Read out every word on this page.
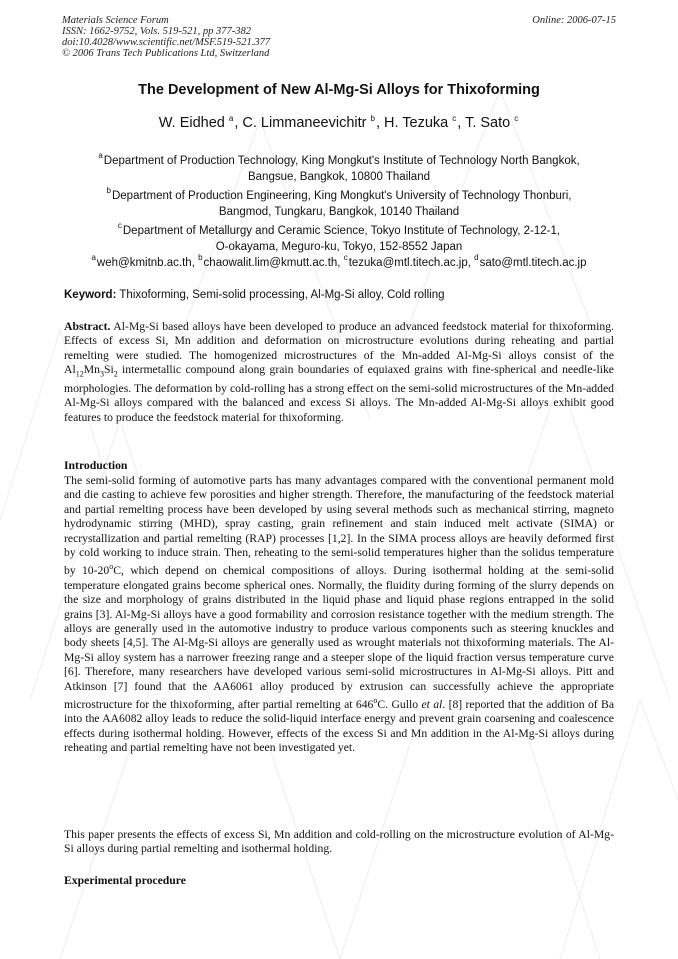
Materials Science Forum
ISSN: 1662-9752, Vols. 519-521, pp 377-382
doi:10.4028/www.scientific.net/MSF.519-521.377
© 2006 Trans Tech Publications Ltd, Switzerland
Online: 2006-07-15
The Development of New Al-Mg-Si Alloys for Thixoforming
W. Eidhed $^a$, C. Limmaneevichitr $^b$, H. Tezuka $^c$, T. Sato $^c$
$^a$Department of Production Technology, King Mongkut's Institute of Technology North Bangkok,
Bangsue, Bangkok, 10800 Thailand
$^b$Department of Production Engineering, King Mongkut's University of Technology Thonburi,
Bangmod, Tungkaru, Bangkok, 10140 Thailand
$^c$Department of Metallurgy and Ceramic Science, Tokyo Institute of Technology, 2-12-1,
O-okayama, Meguro-ku, Tokyo, 152-8552 Japan
$^a$weh@kmitnb.ac.th, $^b$chaowalit.lim@kmutt.ac.th, $^c$tezuka@mtl.titech.ac.jp, $^d$sato@mtl.titech.ac.jp
Keyword: Thixoforming, Semi-solid processing, Al-Mg-Si alloy, Cold rolling
Abstract. Al-Mg-Si based alloys have been developed to produce an advanced feedstock material for thixoforming. Effects of excess Si, Mn addition and deformation on microstructure evolutions during reheating and partial remelting were studied. The homogenized microstructures of the Mn-added Al-Mg-Si alloys consist of the $Al_{12}Mn_3Si_2$ intermetallic compound along grain boundaries of equiaxed grains with fine-spherical and needle-like morphologies. The deformation by cold-rolling has a strong effect on the semi-solid microstructures of the Mn-added Al-Mg-Si alloys compared with the balanced and excess Si alloys. The Mn-added Al-Mg-Si alloys exhibit good features to produce the feedstock material for thixoforming.
Introduction
The semi-solid forming of automotive parts has many advantages compared with the conventional permanent mold and die casting to achieve few porosities and higher strength. Therefore, the manufacturing of the feedstock material and partial remelting process have been developed by using several methods such as mechanical stirring, magneto hydrodynamic stirring (MHD), spray casting, grain refinement and stain induced melt activate (SIMA) or recrystallization and partial remelting (RAP) processes [1,2]. In the SIMA process alloys are heavily deformed first by cold working to induce strain. Then, reheating to the semi-solid temperatures higher than the solidus temperature by 10-20$^o$C, which depend on chemical compositions of alloys. During isothermal holding at the semi-solid temperature elongated grains become spherical ones. Normally, the fluidity during forming of the slurry depends on the size and morphology of grains distributed in the liquid phase and liquid phase regions entrapped in the solid grains [3]. Al-Mg-Si alloys have a good formability and corrosion resistance together with the medium strength. The alloys are generally used in the automotive industry to produce various components such as steering knuckles and body sheets [4,5]. The Al-Mg-Si alloys are generally used as wrought materials not thixoforming materials. The Al-Mg-Si alloy system has a narrower freezing range and a steeper slope of the liquid fraction versus temperature curve [6]. Therefore, many researchers have developed various semi-solid microstructures in Al-Mg-Si alloys. Pitt and Atkinson [7] found that the AA6061 alloy produced by extrusion can successfully achieve the appropriate microstructure for the thixoforming, after partial remelting at 646$^o$C. Gullo et al. [8] reported that the addition of Ba into the AA6082 alloy leads to reduce the solid-liquid interface energy and prevent grain coarsening and coalescence effects during isothermal holding. However, effects of the excess Si and Mn addition in the Al-Mg-Si alloys during reheating and partial remelting have not been investigated yet.
This paper presents the effects of excess Si, Mn addition and cold-rolling on the microstructure evolution of Al-Mg-Si alloys during partial remelting and isothermal holding.
Experimental procedure
